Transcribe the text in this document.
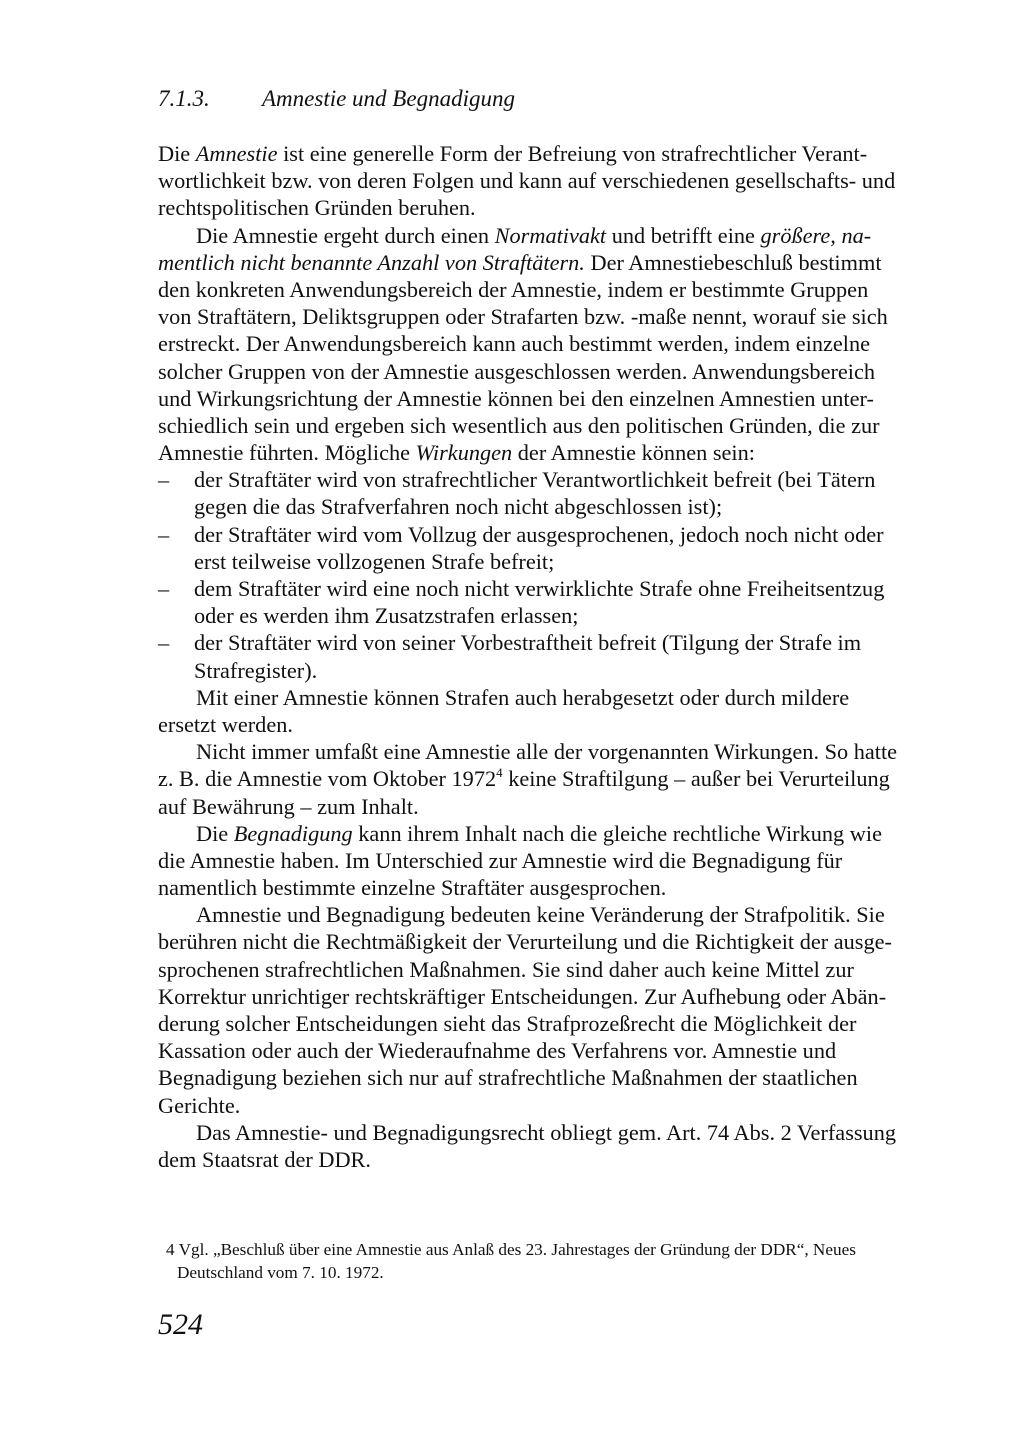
7.1.3. Amnestie und Begnadigung
Die Amnestie ist eine generelle Form der Befreiung von strafrechtlicher Verant-
wortlichkeit bzw. von deren Folgen und kann auf verschiedenen gesellschafts- und
rechtspolitischen Gründen beruhen.
Die Amnestie ergeht durch einen Normativakt und betrifft eine größere, na-
mentlich nicht benannte Anzahl von Straftätern. Der Amnestiebeschluß bestimmt
den konkreten Anwendungsbereich der Amnestie, indem er bestimmte Gruppen
von Straftätern, Deliktsgruppen oder Strafarten bzw. -maße nennt, worauf sie sich
erstreckt. Der Anwendungsbereich kann auch bestimmt werden, indem einzelne
solcher Gruppen von der Amnestie ausgeschlossen werden. Anwendungsbereich
und Wirkungsrichtung der Amnestie können bei den einzelnen Amnestien unter-
schiedlich sein und ergeben sich wesentlich aus den politischen Gründen, die zur
Amnestie führten. Mögliche Wirkungen der Amnestie können sein:
– der Straftäter wird von strafrechtlicher Verantwortlichkeit befreit (bei Tätern
gegen die das Strafverfahren noch nicht abgeschlossen ist);
– der Straftäter wird vom Vollzug der ausgesprochenen, jedoch noch nicht oder
erst teilweise vollzogenen Strafe befreit;
– dem Straftäter wird eine noch nicht verwirklichte Strafe ohne Freiheitsentzug
oder es werden ihm Zusatzstrafen erlassen;
– der Straftäter wird von seiner Vorbestraftheit befreit (Tilgung der Strafe im
Strafregister).
Mit einer Amnestie können Strafen auch herabgesetzt oder durch mildere
ersetzt werden.
Nicht immer umfaßt eine Amnestie alle der vorgenannten Wirkungen. So hatte
z. B. die Amnestie vom Oktober 1972$^4$ keine Straftilgung – außer bei Verurteilung
auf Bewährung – zum Inhalt.
Die Begnadigung kann ihrem Inhalt nach die gleiche rechtliche Wirkung wie
die Amnestie haben. Im Unterschied zur Amnestie wird die Begnadigung für
namentlich bestimmte einzelne Straftäter ausgesprochen.
Amnestie und Begnadigung bedeuten keine Veränderung der Strafpolitik. Sie
berühren nicht die Rechtmäßigkeit der Verurteilung und die Richtigkeit der ausge-
sprochenen strafrechtlichen Maßnahmen. Sie sind daher auch keine Mittel zur
Korrektur unrichtiger rechtskräftiger Entscheidungen. Zur Aufhebung oder Abän-
derung solcher Entscheidungen sieht das Strafprozeßrecht die Möglichkeit der
Kassation oder auch der Wiederaufnahme des Verfahrens vor. Amnestie und
Begnadigung beziehen sich nur auf strafrechtliche Maßnahmen der staatlichen
Gerichte.
Das Amnestie- und Begnadigungsrecht obliegt gem. Art. 74 Abs. 2 Verfassung
dem Staatsrat der DDR.
4 Vgl. „Beschluß über eine Amnestie aus Anlaß des 23. Jahrestages der Gründung der DDR“, Neues
Deutschland vom 7. 10. 1972.
524
